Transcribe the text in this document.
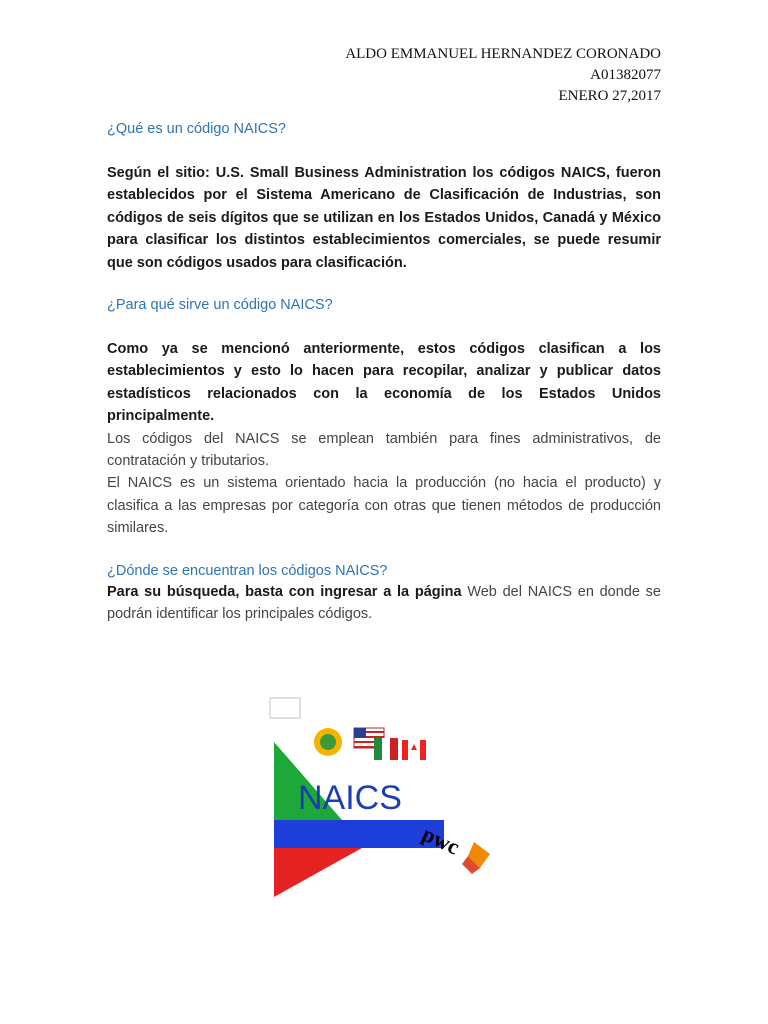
ALDO EMMANUEL HERNANDEZ CORONADO
A01382077
ENERO 27,2017
¿Qué es un código NAICS?

Según el sitio: U.S. Small Business Administration los códigos NAICS, fueron establecidos por el Sistema Americano de Clasificación de Industrias, son códigos de seis dígitos que se utilizan en los Estados Unidos, Canadá y México para clasificar los distintos establecimientos comerciales, se puede resumir que son códigos usados para clasificación.

¿Para qué sirve un código NAICS?

Como ya se mencionó anteriormente, estos códigos clasifican a los establecimientos y esto lo hacen para recopilar, analizar y publicar datos estadísticos relacionados con la economía de los Estados Unidos principalmente.

Los códigos del NAICS se emplean también para fines administrativos, de contratación y tributarios.

El NAICS es un sistema orientado hacia la producción (no hacia el producto) y clasifica a las empresas por categoría con otras que tienen métodos de producción similares.

¿Dónde se encuentran los códigos NAICS?

Para su búsqueda, basta con ingresar a la página Web del NAICS en donde se podrán identificar los principales códigos.

NAICS
pwc
